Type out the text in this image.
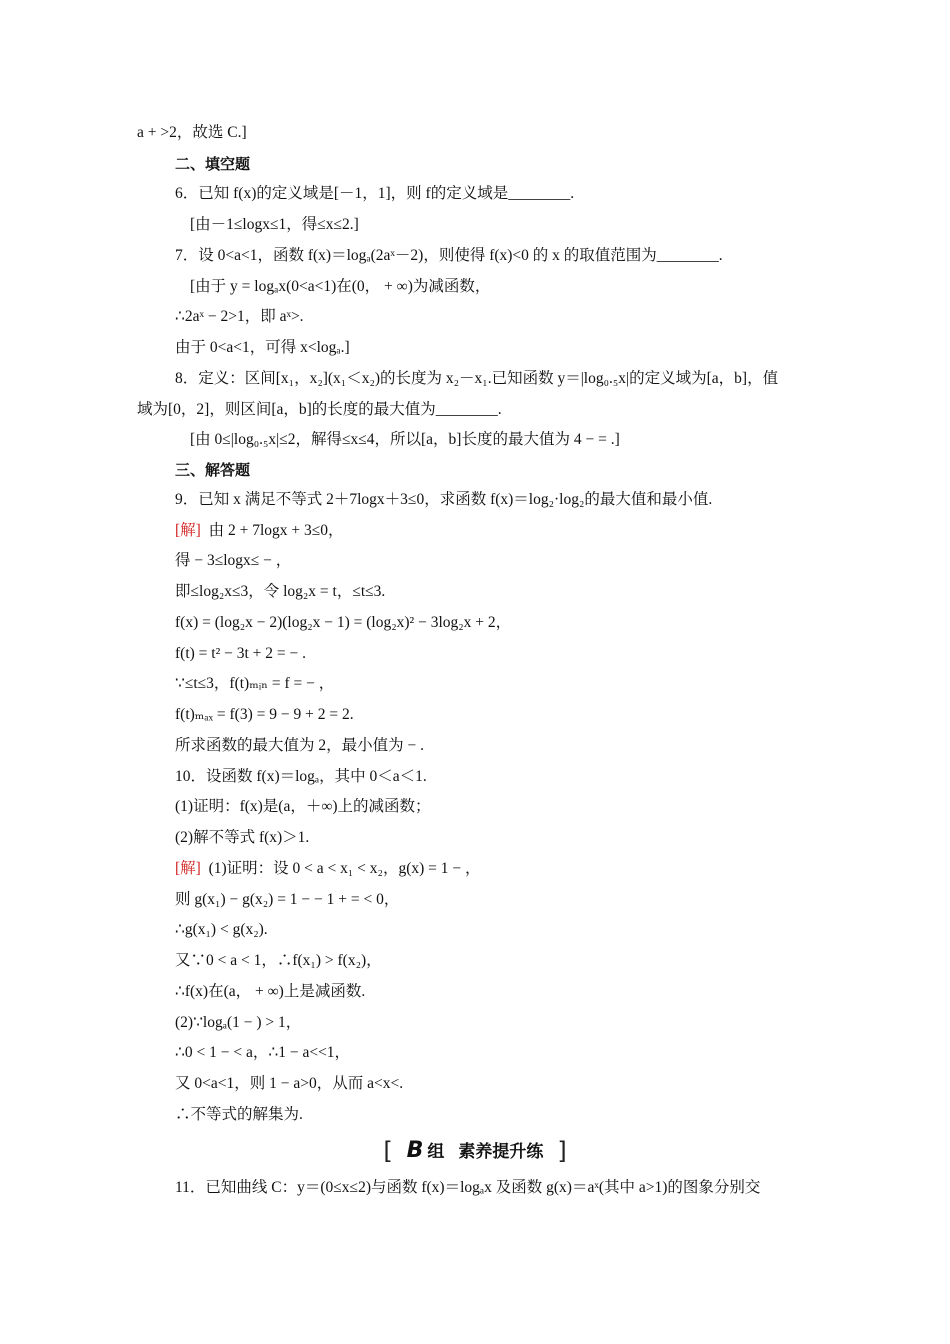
a + >2，故选 C.]
二、填空题
6．已知 f(x)的定义域是[－1，1]，则 f的定义域是________.
[由－1≤logx≤1，得≤x≤2.]
7．设 0<a<1，函数 f(x)＝logₐ(2aˣ－2)，则使得 f(x)<0 的 x 的取值范围为________.
[由于 y = logₐx(0<a<1)在(0， + ∞)为减函数，
∴2aˣ − 2>1，即 aˣ>.
由于 0<a<1，可得 x<logₐ.]
8．定义：区间[x₁，x₂](x₁＜x₂)的长度为 x₂－x₁.已知函数 y＝|log₀.₅x|的定义域为[a，b]，值
域为[0，2]，则区间[a，b]的长度的最大值为________.
[由 0≤|log₀.₅x|≤2，解得≤x≤4，所以[a，b]长度的最大值为 4 − = .]
三、解答题
9．已知 x 满足不等式 2＋7logx＋3≤0，求函数 f(x)＝log₂·log₂的最大值和最小值.
[解] 由 2 + 7logx + 3≤0，
得 − 3≤logx≤ − ，
即≤log₂x≤3，令 log₂x = t，≤t≤3.
f(x) = (log₂x − 2)(log₂x − 1) = (log₂x)² − 3log₂x + 2，
f(t) = t² − 3t + 2 = − .
∵≤t≤3，f(t)ₘᵢₙ = f = − ，
f(t)ₘₐₓ = f(3) = 9 − 9 + 2 = 2.
所求函数的最大值为 2，最小值为 − .
10．设函数 f(x)＝logₐ，其中 0＜a＜1.
(1)证明：f(x)是(a，＋∞)上的减函数；
(2)解不等式 f(x)＞1.
[解] (1)证明：设 0 < a < x₁ < x₂，g(x) = 1 − ，
则 g(x₁) − g(x₂) = 1 − − 1 + = < 0，
∴g(x₁) < g(x₂).
又∵0 < a < 1，∴f(x₁) > f(x₂)，
∴f(x)在(a， + ∞)上是减函数.
(2)∵logₐ(1 − ) > 1，
∴0 < 1 − < a，∴1 − a<<1，
又 0<a<1，则 1 − a>0，从而 a<x<.
∴不等式的解集为.
[ B 组 素养提升练 ]
11．已知曲线 C：y＝(0≤x≤2)与函数 f(x)＝logₐx 及函数 g(x)＝aˣ(其中 a>1)的图象分别交
